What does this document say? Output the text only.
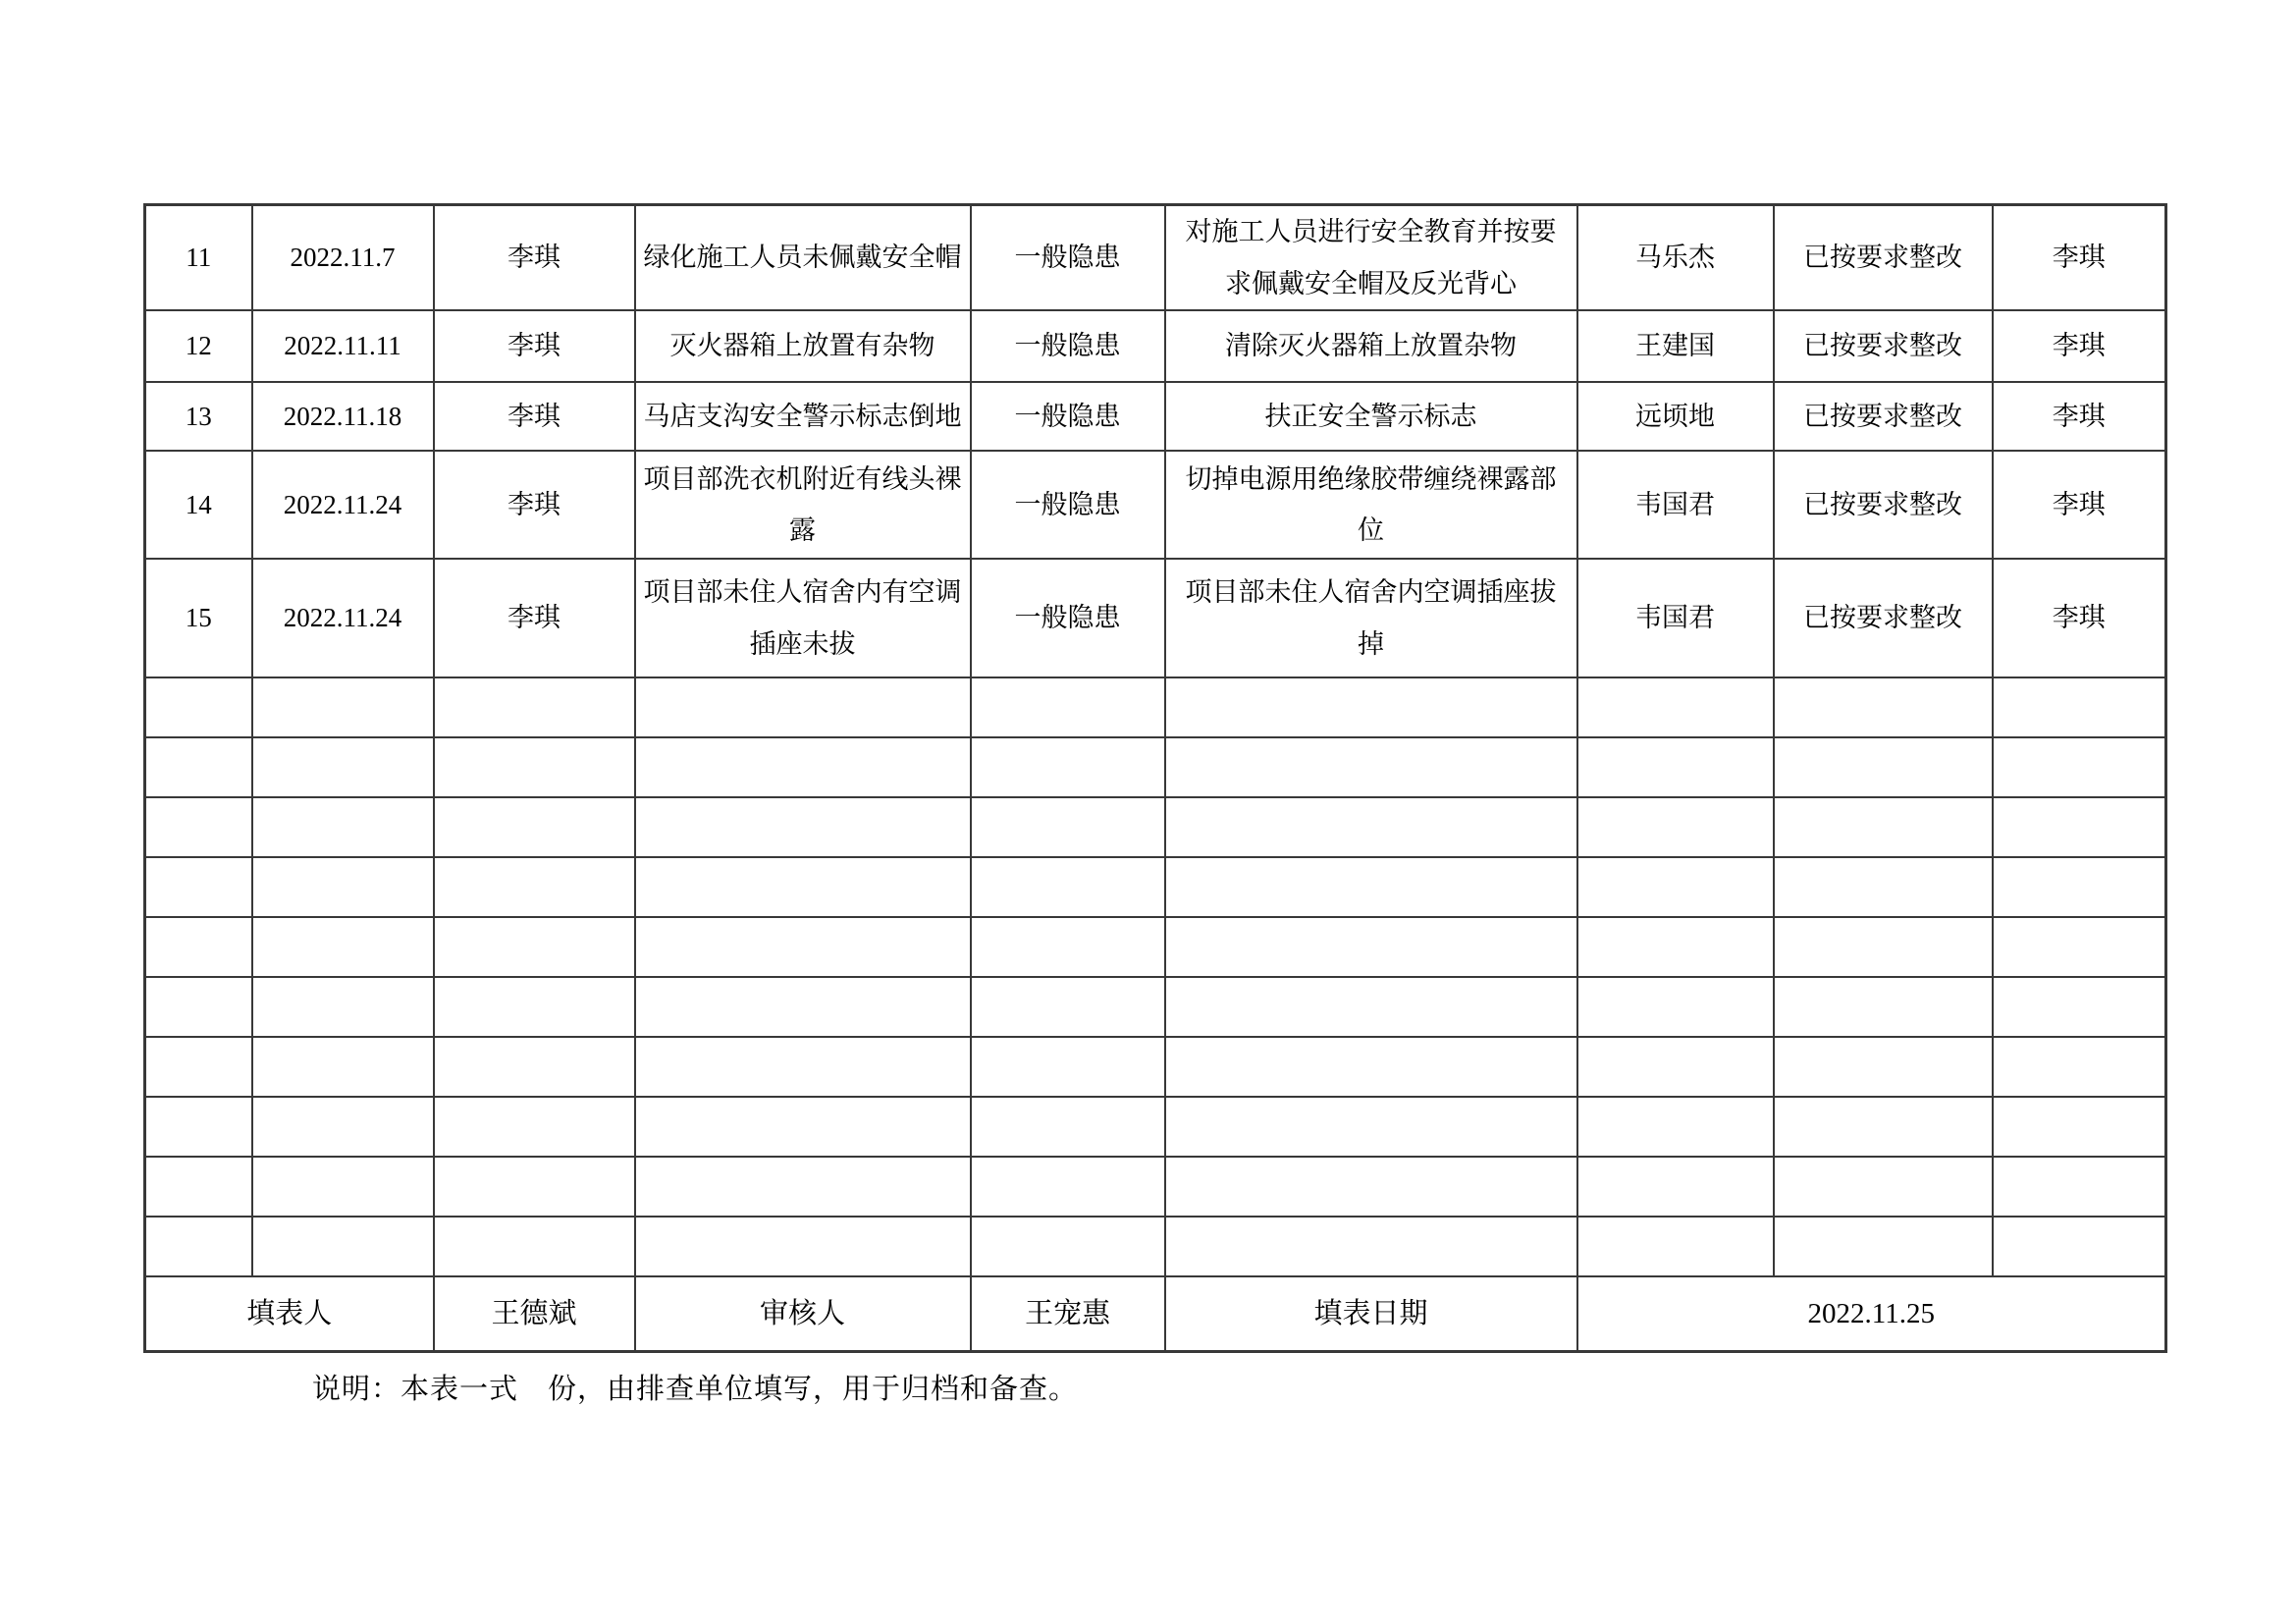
11	2022.11.7	李琪	绿化施工人员未佩戴安全帽	一般隐患	对施工人员进行安全教育并按要求佩戴安全帽及反光背心	马乐杰	已按要求整改	李琪
12	2022.11.11	李琪	灭火器箱上放置有杂物	一般隐患	清除灭火器箱上放置杂物	王建国	已按要求整改	李琪
13	2022.11.18	李琪	马店支沟安全警示标志倒地	一般隐患	扶正安全警示标志	远顷地	已按要求整改	李琪
14	2022.11.24	李琪	项目部洗衣机附近有线头裸露	一般隐患	切掉电源用绝缘胶带缠绕裸露部位	韦国君	已按要求整改	李琪
15	2022.11.24	李琪	项目部未住人宿舍内有空调插座未拔	一般隐患	项目部未住人宿舍内空调插座拔掉	韦国君	已按要求整改	李琪

填表人		王德斌	审核人	王宠惠	填表日期	2022.11.25		
说明：本表一式　份，由排查单位填写，用于归档和备查。
